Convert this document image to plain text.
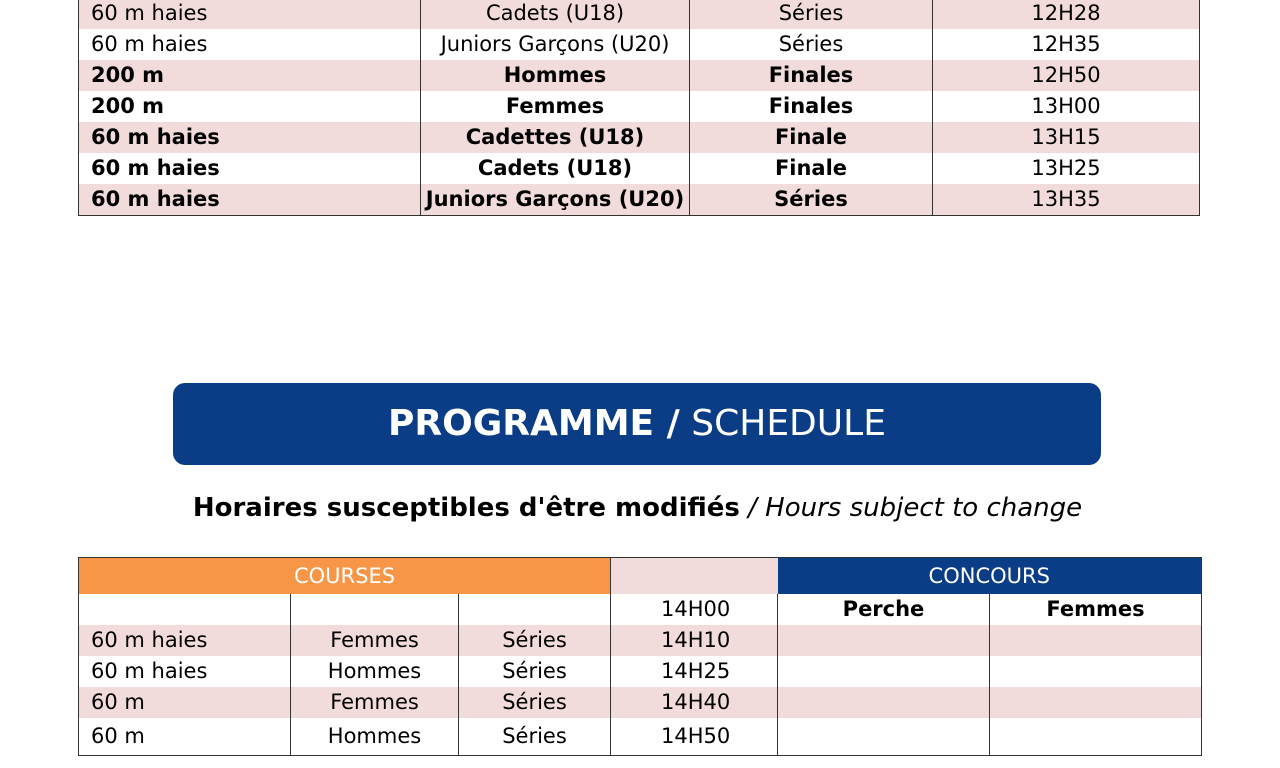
60 m haies	Cadets (U18)	Séries	12H28
60 m haies	Juniors Garçons (U20)	Séries	12H35
200 m	Hommes	Finales	12H50
200 m	Femmes	Finales	13H00
60 m haies	Cadettes (U18)	Finale	13H15
60 m haies	Cadets (U18)	Finale	13H25
60 m haies	Juniors Garçons (U20)	Séries	13H35
PROGRAMME / SCHEDULE
Horaires susceptibles d'être modifiés / Hours subject to change
COURSES				CONCOURS	
			14H00	Perche	Femmes
60 m haies	Femmes	Séries	14H10		
60 m haies	Hommes	Séries	14H25		
60 m	Femmes	Séries	14H40		
60 m	Hommes	Séries	14H50		
